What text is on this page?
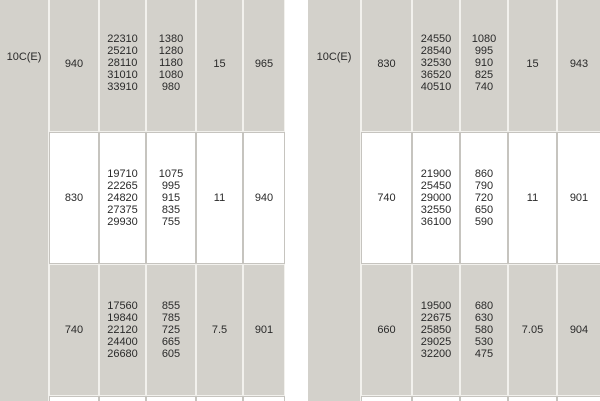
10C(E)	940	22310
25210
28110
31010
33910	1380
1280
1180
1080
980	15	965
	830	19710
22265
24820
27375
29930	1075
995
915
835
755	11	940
	740	17560
19840
22120
24400
26680	855
785
725
665
605	7.5	901

10C(E)	830	24550
28540
32530
36520
40510	1080
995
910
825
740	15	943
	740	21900
25450
29000
32550
36100	860
790
720
650
590	11	901
	660	19500
22675
25850
29025
32200	680
630
580
530
475	7.05	904
